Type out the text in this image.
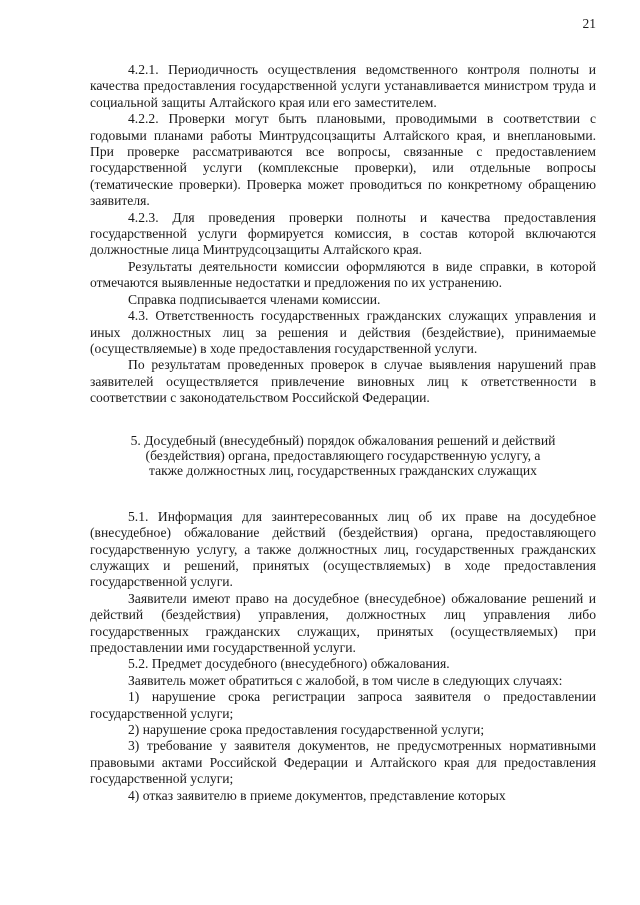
21

4.2.1. Периодичность осуществления ведомственного контроля полноты и качества предоставления государственной услуги устанавливается министром труда и социальной защиты Алтайского края или его заместителем.

4.2.2. Проверки могут быть плановыми, проводимыми в соответствии с годовыми планами работы Минтрудсоцзащиты Алтайского края, и внеплановыми. При проверке рассматриваются все вопросы, связанные с предоставлением государственной услуги (комплексные проверки), или отдельные вопросы (тематические проверки). Проверка может проводиться по конкретному обращению заявителя.

4.2.3. Для проведения проверки полноты и качества предоставления государственной услуги формируется комиссия, в состав которой включаются должностные лица Минтрудсоцзащиты Алтайского края.

Результаты деятельности комиссии оформляются в виде справки, в которой отмечаются выявленные недостатки и предложения по их устранению.

Справка подписывается членами комиссии.

4.3. Ответственность государственных гражданских служащих управления и иных должностных лиц за решения и действия (бездействие), принимаемые (осуществляемые) в ходе предоставления государственной услуги.

По результатам проведенных проверок в случае выявления нарушений прав заявителей осуществляется привлечение виновных лиц к ответственности в соответствии с законодательством Российской Федерации.

5. Досудебный (внесудебный) порядок обжалования решений и действий (бездействия) органа, предоставляющего государственную услугу, а также должностных лиц, государственных гражданских служащих

5.1. Информация для заинтересованных лиц об их праве на досудебное (внесудебное) обжалование действий (бездействия) органа, предоставляющего государственную услугу, а также должностных лиц, государственных гражданских служащих и решений, принятых (осуществляемых) в ходе предоставления государственной услуги.

Заявители имеют право на досудебное (внесудебное) обжалование решений и действий (бездействия) управления, должностных лиц управления либо государственных гражданских служащих, принятых (осуществляемых) при предоставлении ими государственной услуги.

5.2. Предмет досудебного (внесудебного) обжалования.

Заявитель может обратиться с жалобой, в том числе в следующих случаях:

1) нарушение срока регистрации запроса заявителя о предоставлении государственной услуги;

2) нарушение срока предоставления государственной услуги;

3) требование у заявителя документов, не предусмотренных нормативными правовыми актами Российской Федерации и Алтайского края для предоставления государственной услуги;

4) отказ заявителю в приеме документов, представление которых
